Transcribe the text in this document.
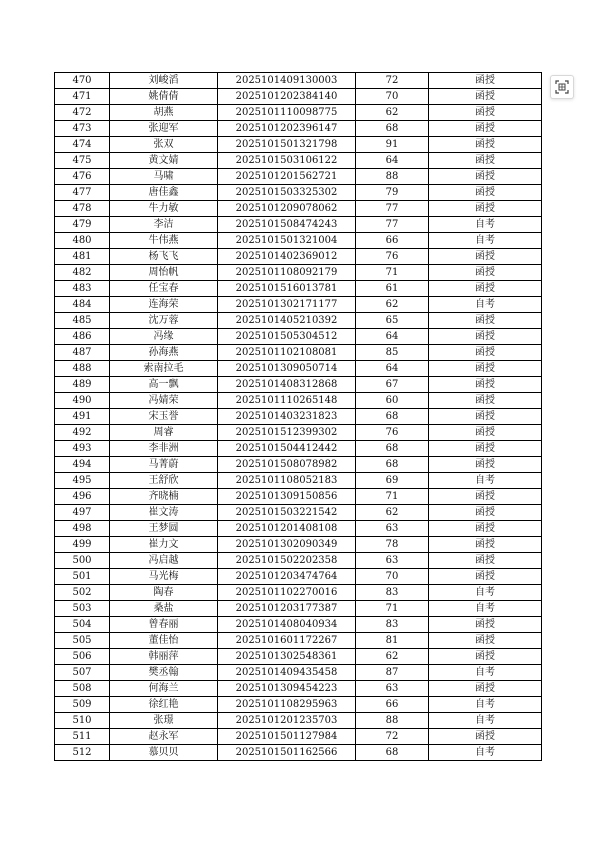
470	刘峻滔	2025101409130003	72	函授
471	姚倩倩	2025101202384140	70	函授
472	胡燕	2025101110098775	62	函授
473	张迎军	2025101202396147	68	函授
474	张双	2025101501321798	91	函授
475	黄文婧	2025101503106122	64	函授
476	马啸	2025101201562721	88	函授
477	唐佳鑫	2025101503325302	79	函授
478	牛力敏	2025101209078062	77	函授
479	李洁	2025101508474243	77	自考
480	牛伟燕	2025101501321004	66	自考
481	杨飞飞	2025101402369012	76	函授
482	周怡帆	2025101108092179	71	函授
483	任宝春	2025101516013781	61	函授
484	连海荣	2025101302171177	62	自考
485	沈万蓉	2025101405210392	65	函授
486	冯缘	2025101505304512	64	函授
487	孙海燕	2025101102108081	85	函授
488	索南拉毛	2025101309050714	64	函授
489	高一飘	2025101408312868	67	函授
490	冯婧荣	2025101110265148	60	函授
491	宋玉誉	2025101403231823	68	函授
492	周睿	2025101512399302	76	函授
493	李非洲	2025101504412442	68	函授
494	马菁蔚	2025101508078982	68	函授
495	王舒欣	2025101108052183	69	自考
496	齐晓楠	2025101309150856	71	函授
497	崔文涛	2025101503221542	62	函授
498	王梦圆	2025101201408108	63	函授
499	崔力文	2025101302090349	78	函授
500	冯启越	2025101502202358	63	函授
501	马光梅	2025101203474764	70	函授
502	陶春	2025101102270016	83	自考
503	桑盐	2025101203177387	71	自考
504	曾春丽	2025101408040934	83	函授
505	董佳怡	2025101601172267	81	函授
506	韩丽萍	2025101302548361	62	函授
507	樊丞翰	2025101409435458	87	自考
508	何海兰	2025101309454223	63	函授
509	徐红艳	2025101108295963	66	自考
510	张璟	2025101201235703	88	自考
511	赵永军	2025101501127984	72	函授
512	慕贝贝	2025101501162566	68	自考
